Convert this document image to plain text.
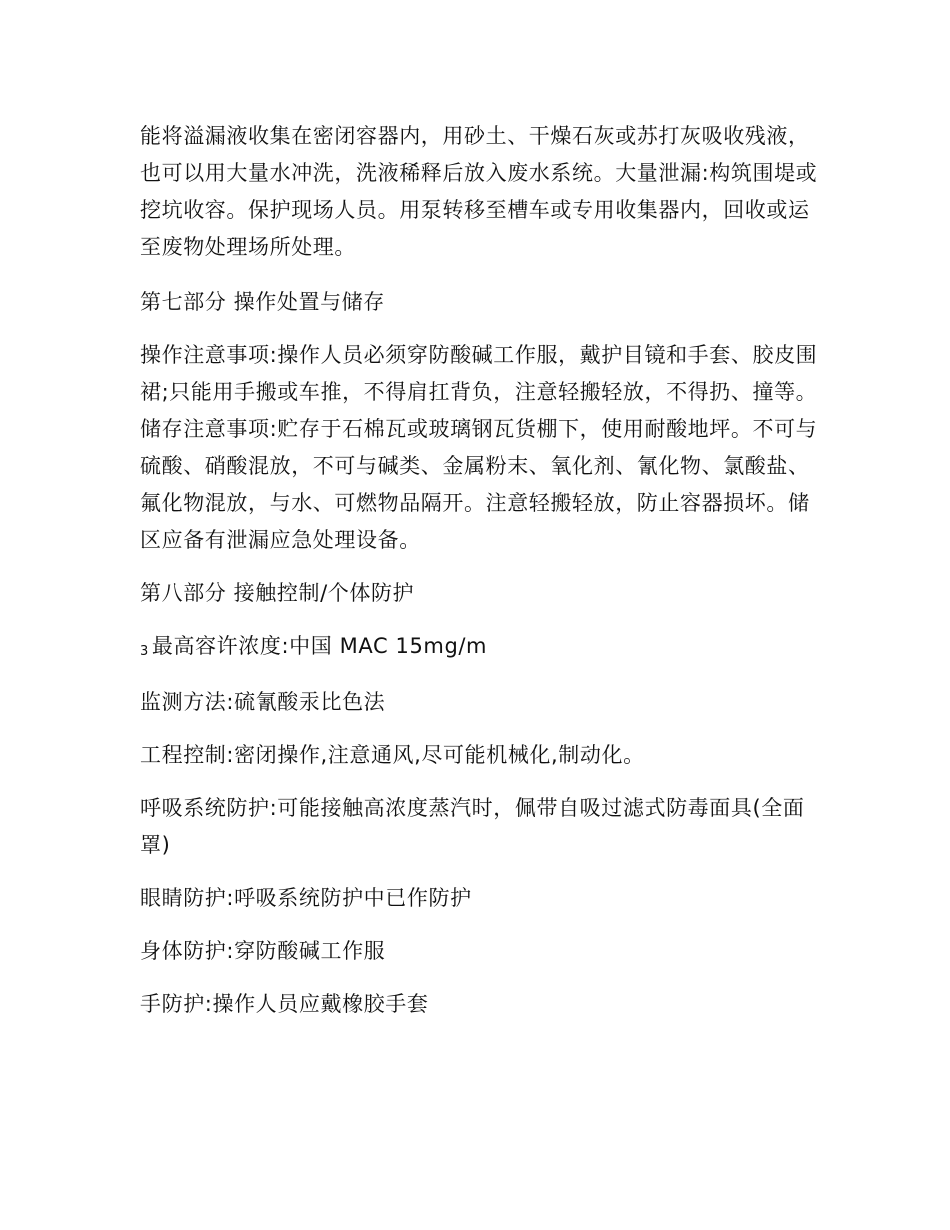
能将溢漏液收集在密闭容器内，用砂土、干燥石灰或苏打灰吸收残液，也可以用大量水冲洗，洗液稀释后放入废水系统。大量泄漏:构筑围堤或挖坑收容。保护现场人员。用泵转移至槽车或专用收集器内，回收或运至废物处理场所处理。

第七部分 操作处置与储存

操作注意事项:操作人员必须穿防酸碱工作服，戴护目镜和手套、胶皮围裙;只能用手搬或车推，不得肩扛背负，注意轻搬轻放，不得扔、撞等。 储存注意事项:贮存于石棉瓦或玻璃钢瓦货棚下，使用耐酸地坪。不可与硫酸、硝酸混放，不可与碱类、金属粉末、氧化剂、氰化物、氯酸盐、氟化物混放，与水、可燃物品隔开。注意轻搬轻放，防止容器损坏。储区应备有泄漏应急处理设备。

第八部分 接触控制/个体防护

3 最高容许浓度:中国 MAC 15mg/m

监测方法:硫氰酸汞比色法

工程控制:密闭操作,注意通风,尽可能机械化,制动化。

呼吸系统防护:可能接触高浓度蒸汽时，佩带自吸过滤式防毒面具(全面罩)

眼睛防护:呼吸系统防护中已作防护

身体防护:穿防酸碱工作服

手防护:操作人员应戴橡胶手套
